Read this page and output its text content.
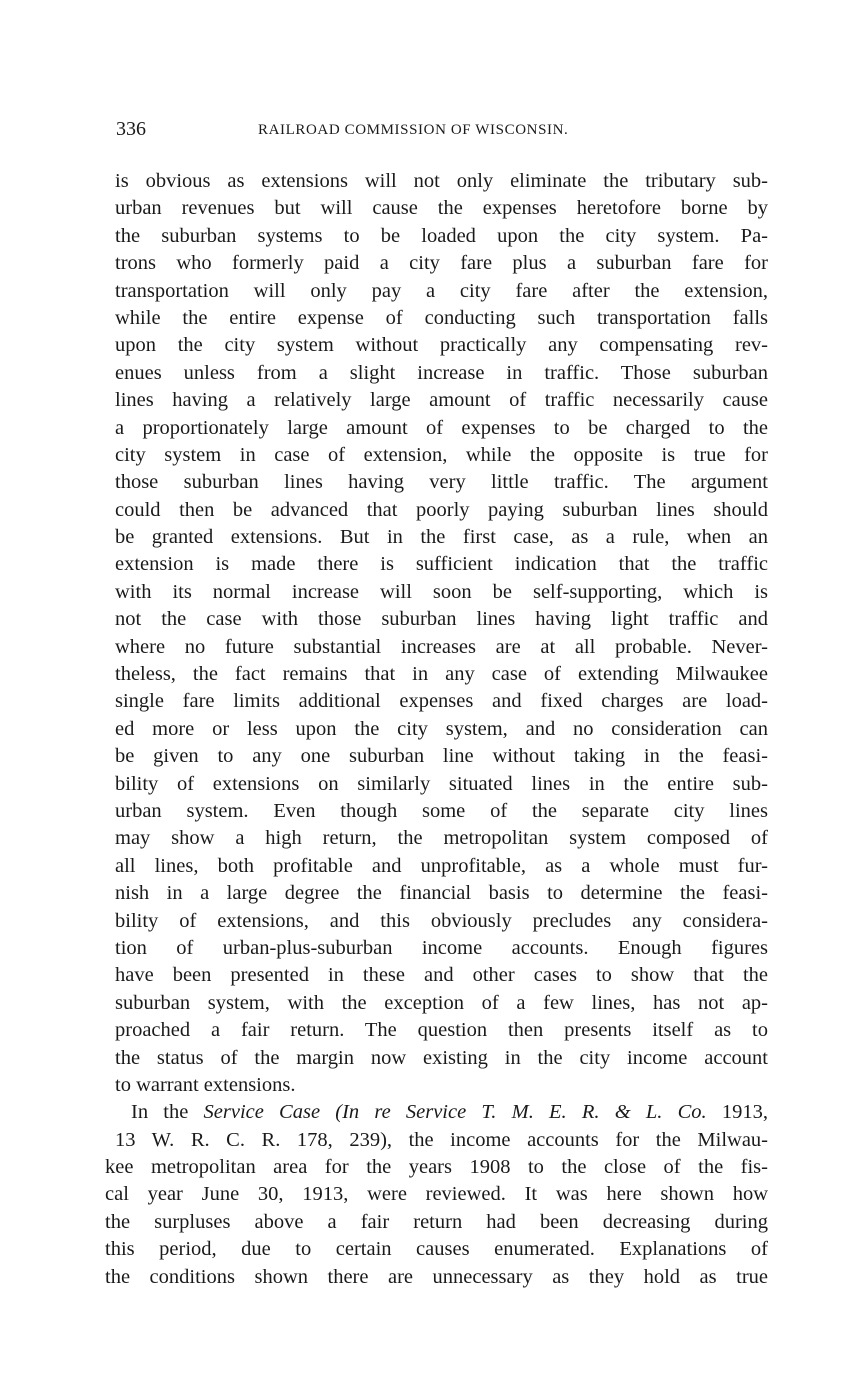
336	RAILROAD COMMISSION OF WISCONSIN.
is obvious as extensions will not only eliminate the tributary sub-
urban revenues but will cause the expenses heretofore borne by
the suburban systems to be loaded upon the city system. Pa-
trons who formerly paid a city fare plus a suburban fare for
transportation will only pay a city fare after the extension,
while the entire expense of conducting such transportation falls
upon the city system without practically any compensating rev-
enues unless from a slight increase in traffic. Those suburban
lines having a relatively large amount of traffic necessarily cause
a proportionately large amount of expenses to be charged to the
city system in case of extension, while the opposite is true for
those suburban lines having very little traffic. The argument
could then be advanced that poorly paying suburban lines should
be granted extensions. But in the first case, as a rule, when an
extension is made there is sufficient indication that the traffic
with its normal increase will soon be self-supporting, which is
not the case with those suburban lines having light traffic and
where no future substantial increases are at all probable. Never-
theless, the fact remains that in any case of extending Milwaukee
single fare limits additional expenses and fixed charges are load-
ed more or less upon the city system, and no consideration can
be given to any one suburban line without taking in the feasi-
bility of extensions on similarly situated lines in the entire sub-
urban system. Even though some of the separate city lines
may show a high return, the metropolitan system composed of
all lines, both profitable and unprofitable, as a whole must fur-
nish in a large degree the financial basis to determine the feasi-
bility of extensions, and this obviously precludes any considera-
tion of urban-plus-suburban income accounts. Enough figures
have been presented in these and other cases to show that the
suburban system, with the exception of a few lines, has not ap-
proached a fair return. The question then presents itself as to
the status of the margin now existing in the city income account
to warrant extensions.
In the Service Case (In re Service T. M. E. R. & L. Co. 1913,
13 W. R. C. R. 178, 239), the income accounts for the Milwau-
kee metropolitan area for the years 1908 to the close of the fis-
cal year June 30, 1913, were reviewed. It was here shown how
the surpluses above a fair return had been decreasing during
this period, due to certain causes enumerated. Explanations of
the conditions shown there are unnecessary as they hold as true
